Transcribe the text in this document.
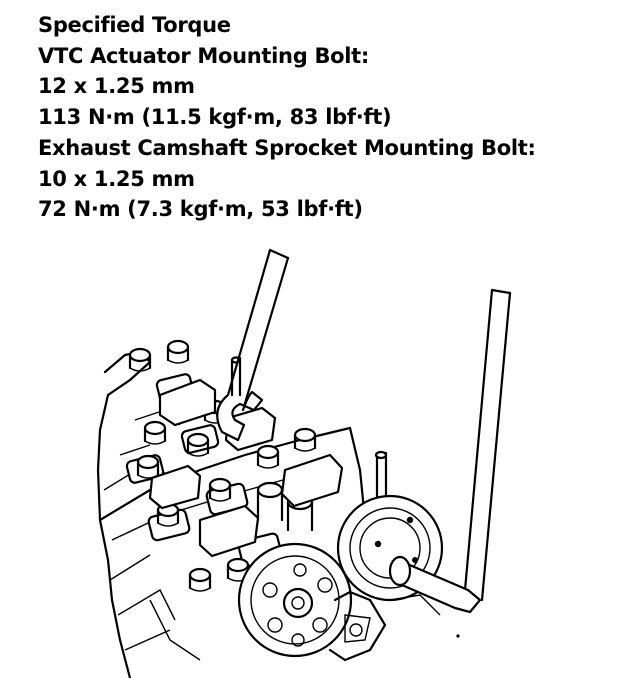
Specified Torque
VTC Actuator Mounting Bolt:
12 x 1.25 mm
113 N·m (11.5 kgf·m, 83 lbf·ft)
Exhaust Camshaft Sprocket Mounting Bolt:
10 x 1.25 mm
72 N·m (7.3 kgf·m, 53 lbf·ft)
